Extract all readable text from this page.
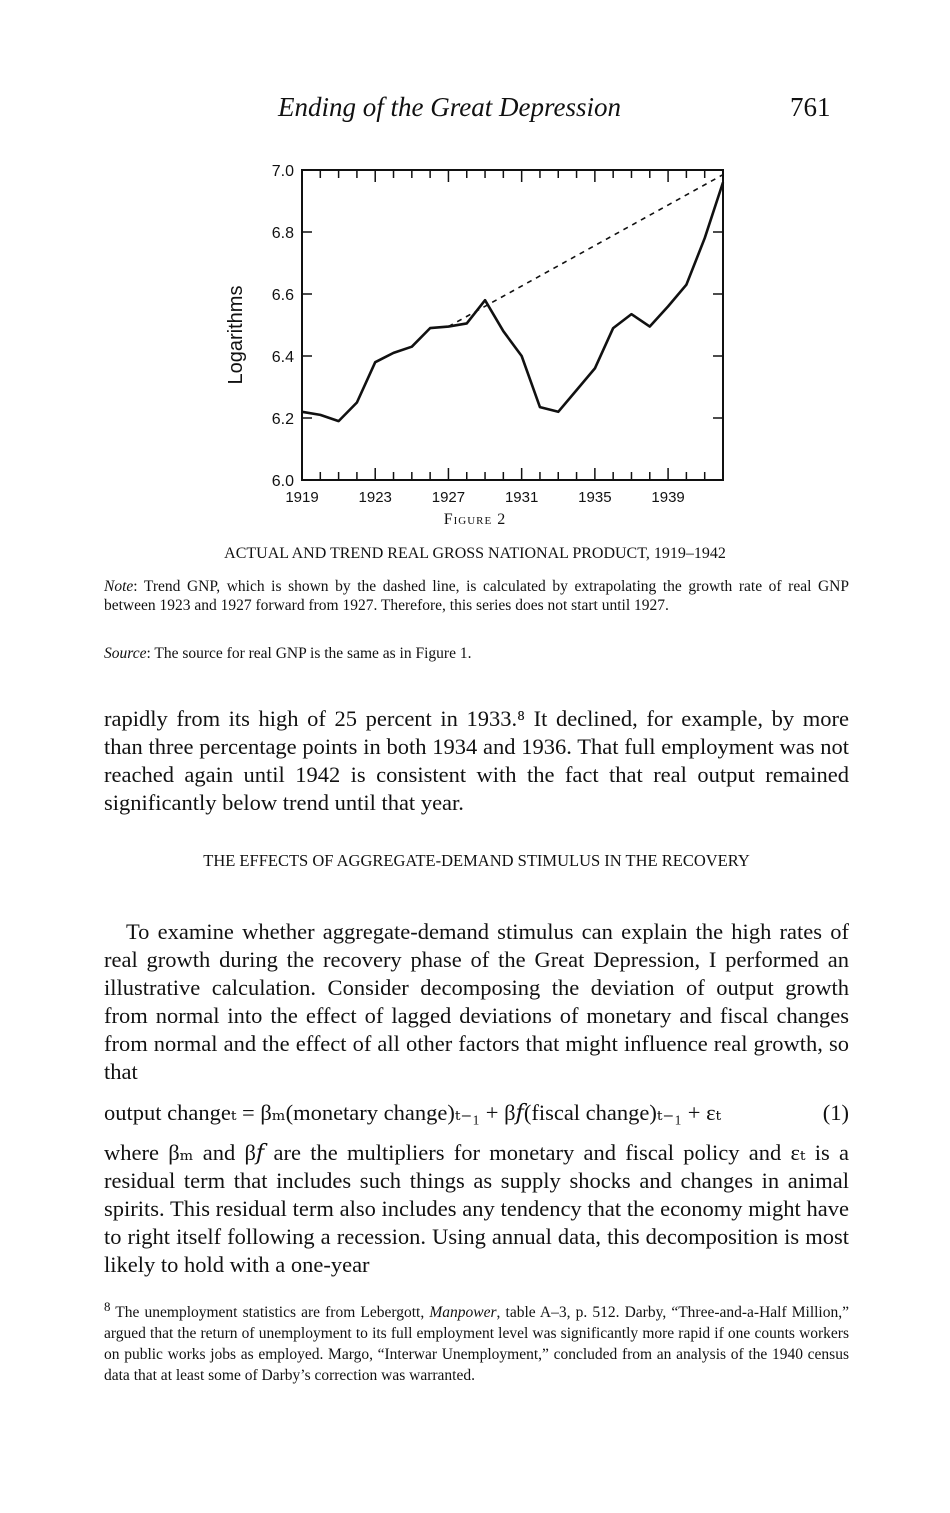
Ending of the Great Depression	761
6.0
6.2
6.4
6.6
6.8
7.0
1919	1923	1927	1931	1935	1939
Logarithms
Figure 2
ACTUAL AND TREND REAL GROSS NATIONAL PRODUCT, 1919–1942
Note: Trend GNP, which is shown by the dashed line, is calculated by extrapolating the growth rate of real GNP between 1923 and 1927 forward from 1927. Therefore, this series does not start until 1927.
Source: The source for real GNP is the same as in Figure 1.
rapidly from its high of 25 percent in 1933.⁸ It declined, for example, by more than three percentage points in both 1934 and 1936. That full employment was not reached again until 1942 is consistent with the fact that real output remained significantly below trend until that year.
THE EFFECTS OF AGGREGATE-DEMAND STIMULUS IN THE RECOVERY
To examine whether aggregate-demand stimulus can explain the high rates of real growth during the recovery phase of the Great Depression, I performed an illustrative calculation. Consider decomposing the deviation of output growth from normal into the effect of lagged deviations of monetary and fiscal changes from normal and the effect of all other factors that might influence real growth, so that
output changeₜ = βₘ(monetary change)ₜ₋₁ + β𝑓(fiscal change)ₜ₋₁ + εₜ	(1)
where βₘ and β𝑓 are the multipliers for monetary and fiscal policy and εₜ is a residual term that includes such things as supply shocks and changes in animal spirits. This residual term also includes any tendency that the economy might have to right itself following a recession. Using annual data, this decomposition is most likely to hold with a one-year
$^8$ The unemployment statistics are from Lebergott, Manpower, table A–3, p. 512. Darby, “Three-and-a-Half Million,” argued that the return of unemployment to its full employment level was significantly more rapid if one counts workers on public works jobs as employed. Margo, “Interwar Unemployment,” concluded from an analysis of the 1940 census data that at least some of Darby’s correction was warranted.
